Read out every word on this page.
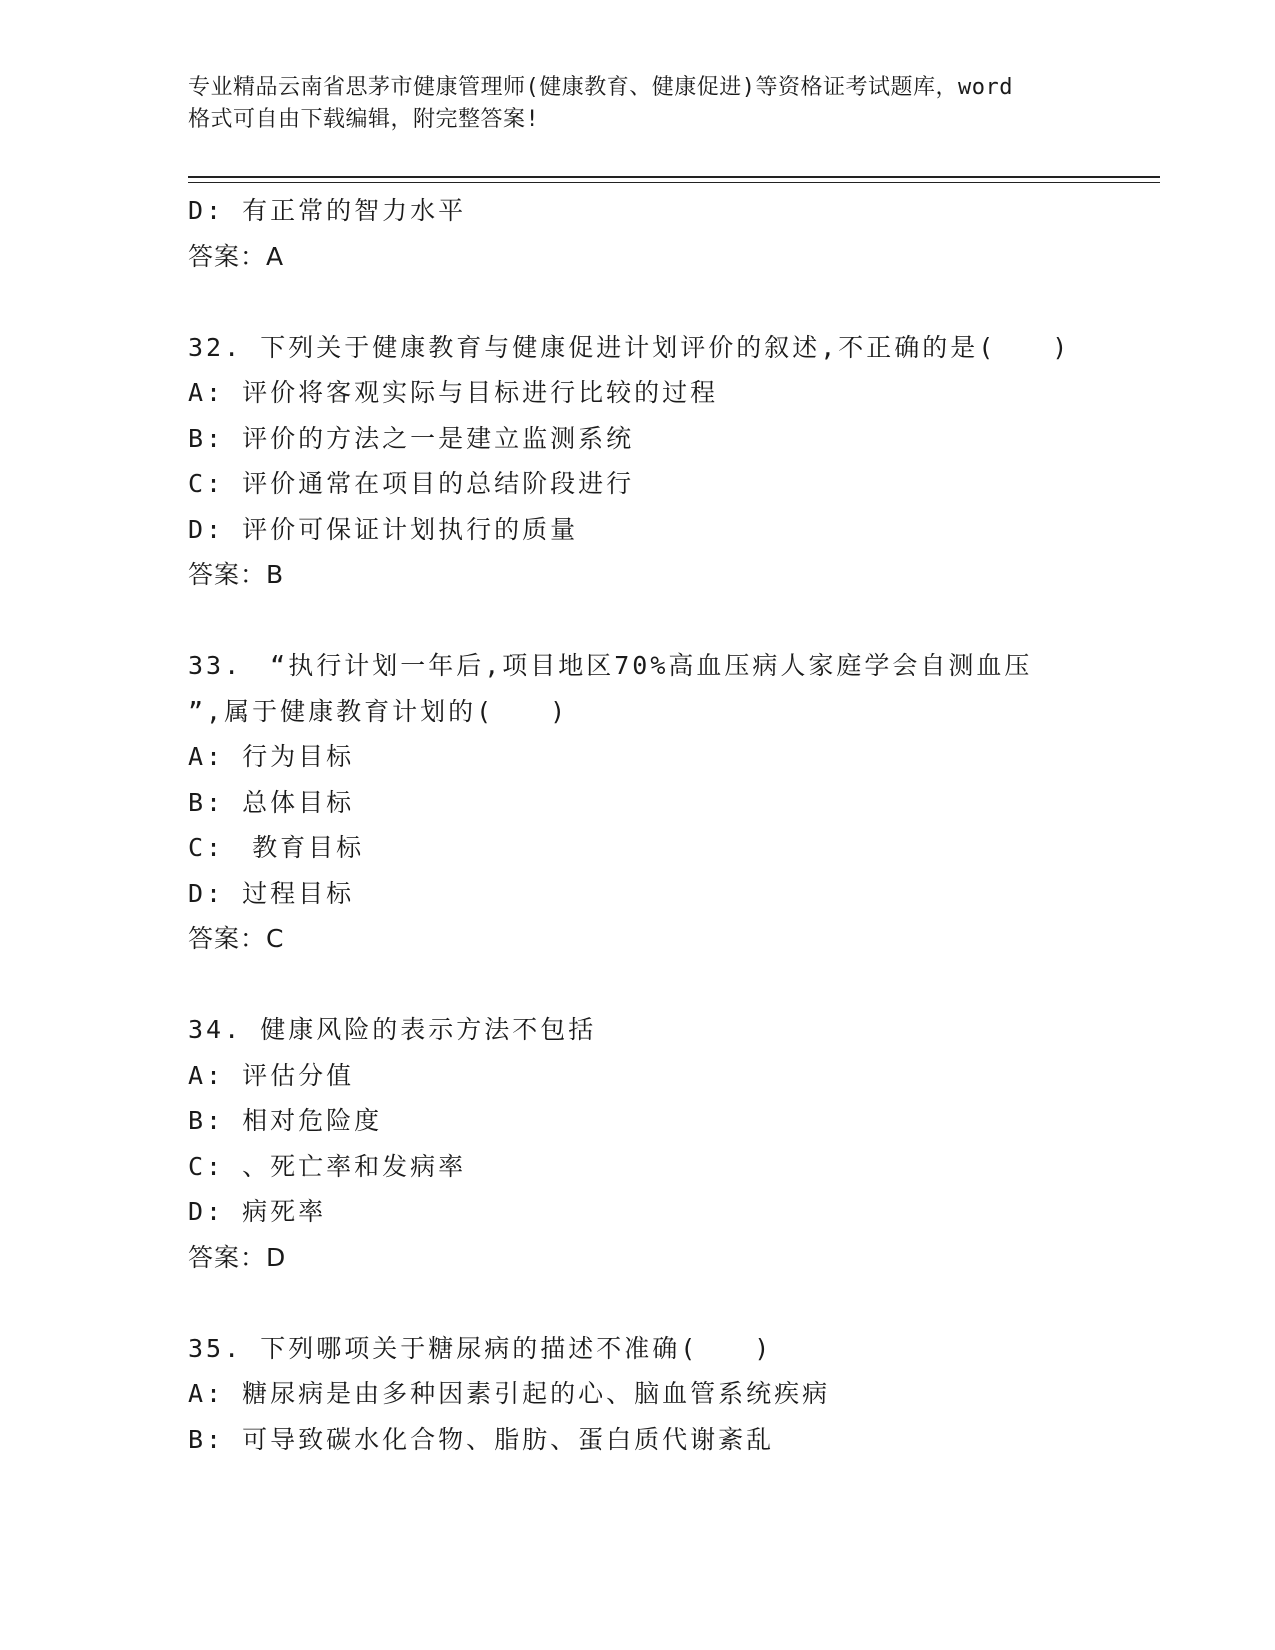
专业精品云南省思茅市健康管理师(健康教育、健康促进)等资格证考试题库，word
格式可自由下载编辑，附完整答案!
D: 有正常的智力水平
答案：A
32. 下列关于健康教育与健康促进计划评价的叙述,不正确的是(　　)
A: 评价将客观实际与目标进行比较的过程
B: 评价的方法之一是建立监测系统
C: 评价通常在项目的总结阶段进行
D: 评价可保证计划执行的质量
答案：B
33.　“执行计划一年后,项目地区70%高血压病人家庭学会自测血压
”,属于健康教育计划的(　　)
A: 行为目标
B: 总体目标
C:　教育目标
D: 过程目标
答案：C
34. 健康风险的表示方法不包括
A: 评估分值
B: 相对危险度
C: 、死亡率和发病率
D: 病死率
答案：D
35. 下列哪项关于糖尿病的描述不准确(　　)
A: 糖尿病是由多种因素引起的心、脑血管系统疾病
B: 可导致碳水化合物、脂肪、蛋白质代谢紊乱
